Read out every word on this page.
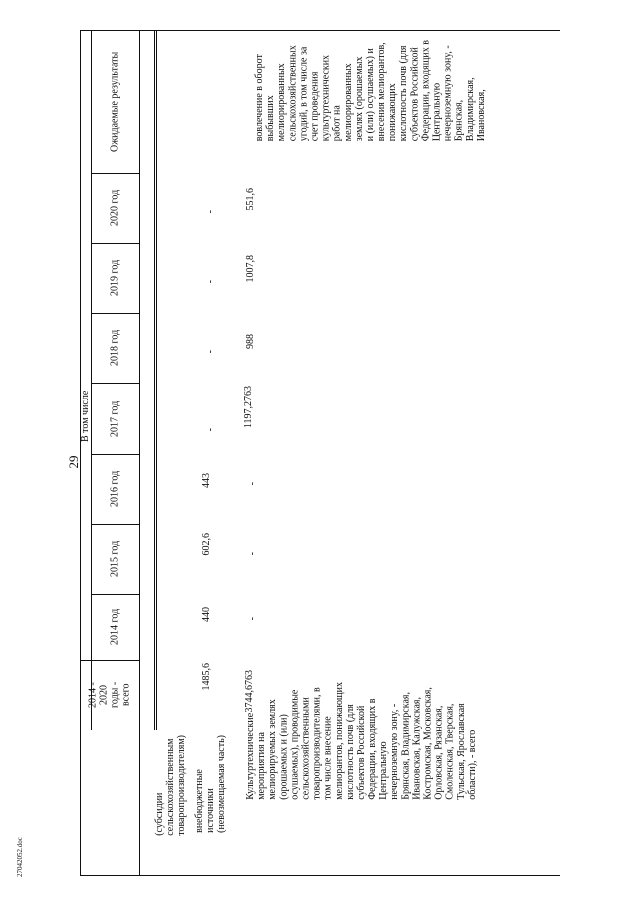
29
27042052.doc
2014 - 2020 годы - всего
В том числе
2014 год
2015 год
2016 год
2017 год
2018 год
2019 год
2020 год
Ожидаемые результаты
(субсидии сельскохозяйственным товаропроизводителям) внебюджетные источники (невозмещаемая часть)
1485,6
440
602,6
443
-
-
-
-
Культуртехнические мероприятия на мелиорируемых землях (орошаемых и (или) осушаемых), проводимые сельскохозяйственными товаропроизводителями, в том числе внесение мелиорантов, понижающих кислотность почв (для субъектов Российской Федерации, входящих в Центральную нечерноземную зону, - Брянская, Владимирская, Ивановская, Калужская, Костромская, Московская, Орловская, Рязанская, Смоленская, Тверская, Тульская, Ярославская области), - всего
3744,6763
-
-
-
1197,2763
988
1007,8
551,6
вовлечение в оборот выбывших мелиорированных сельскохозяйственных угодий, в том числе за счет проведения культуртехнических работ на мелиорированных землях (орошаемых и (или) осушаемых) и внесения мелиорантов, понижающих кислотность почв (для субъектов Российской Федерации, входящих в Центральную нечерноземную зону, - Брянская, Владимирская, Ивановская,
